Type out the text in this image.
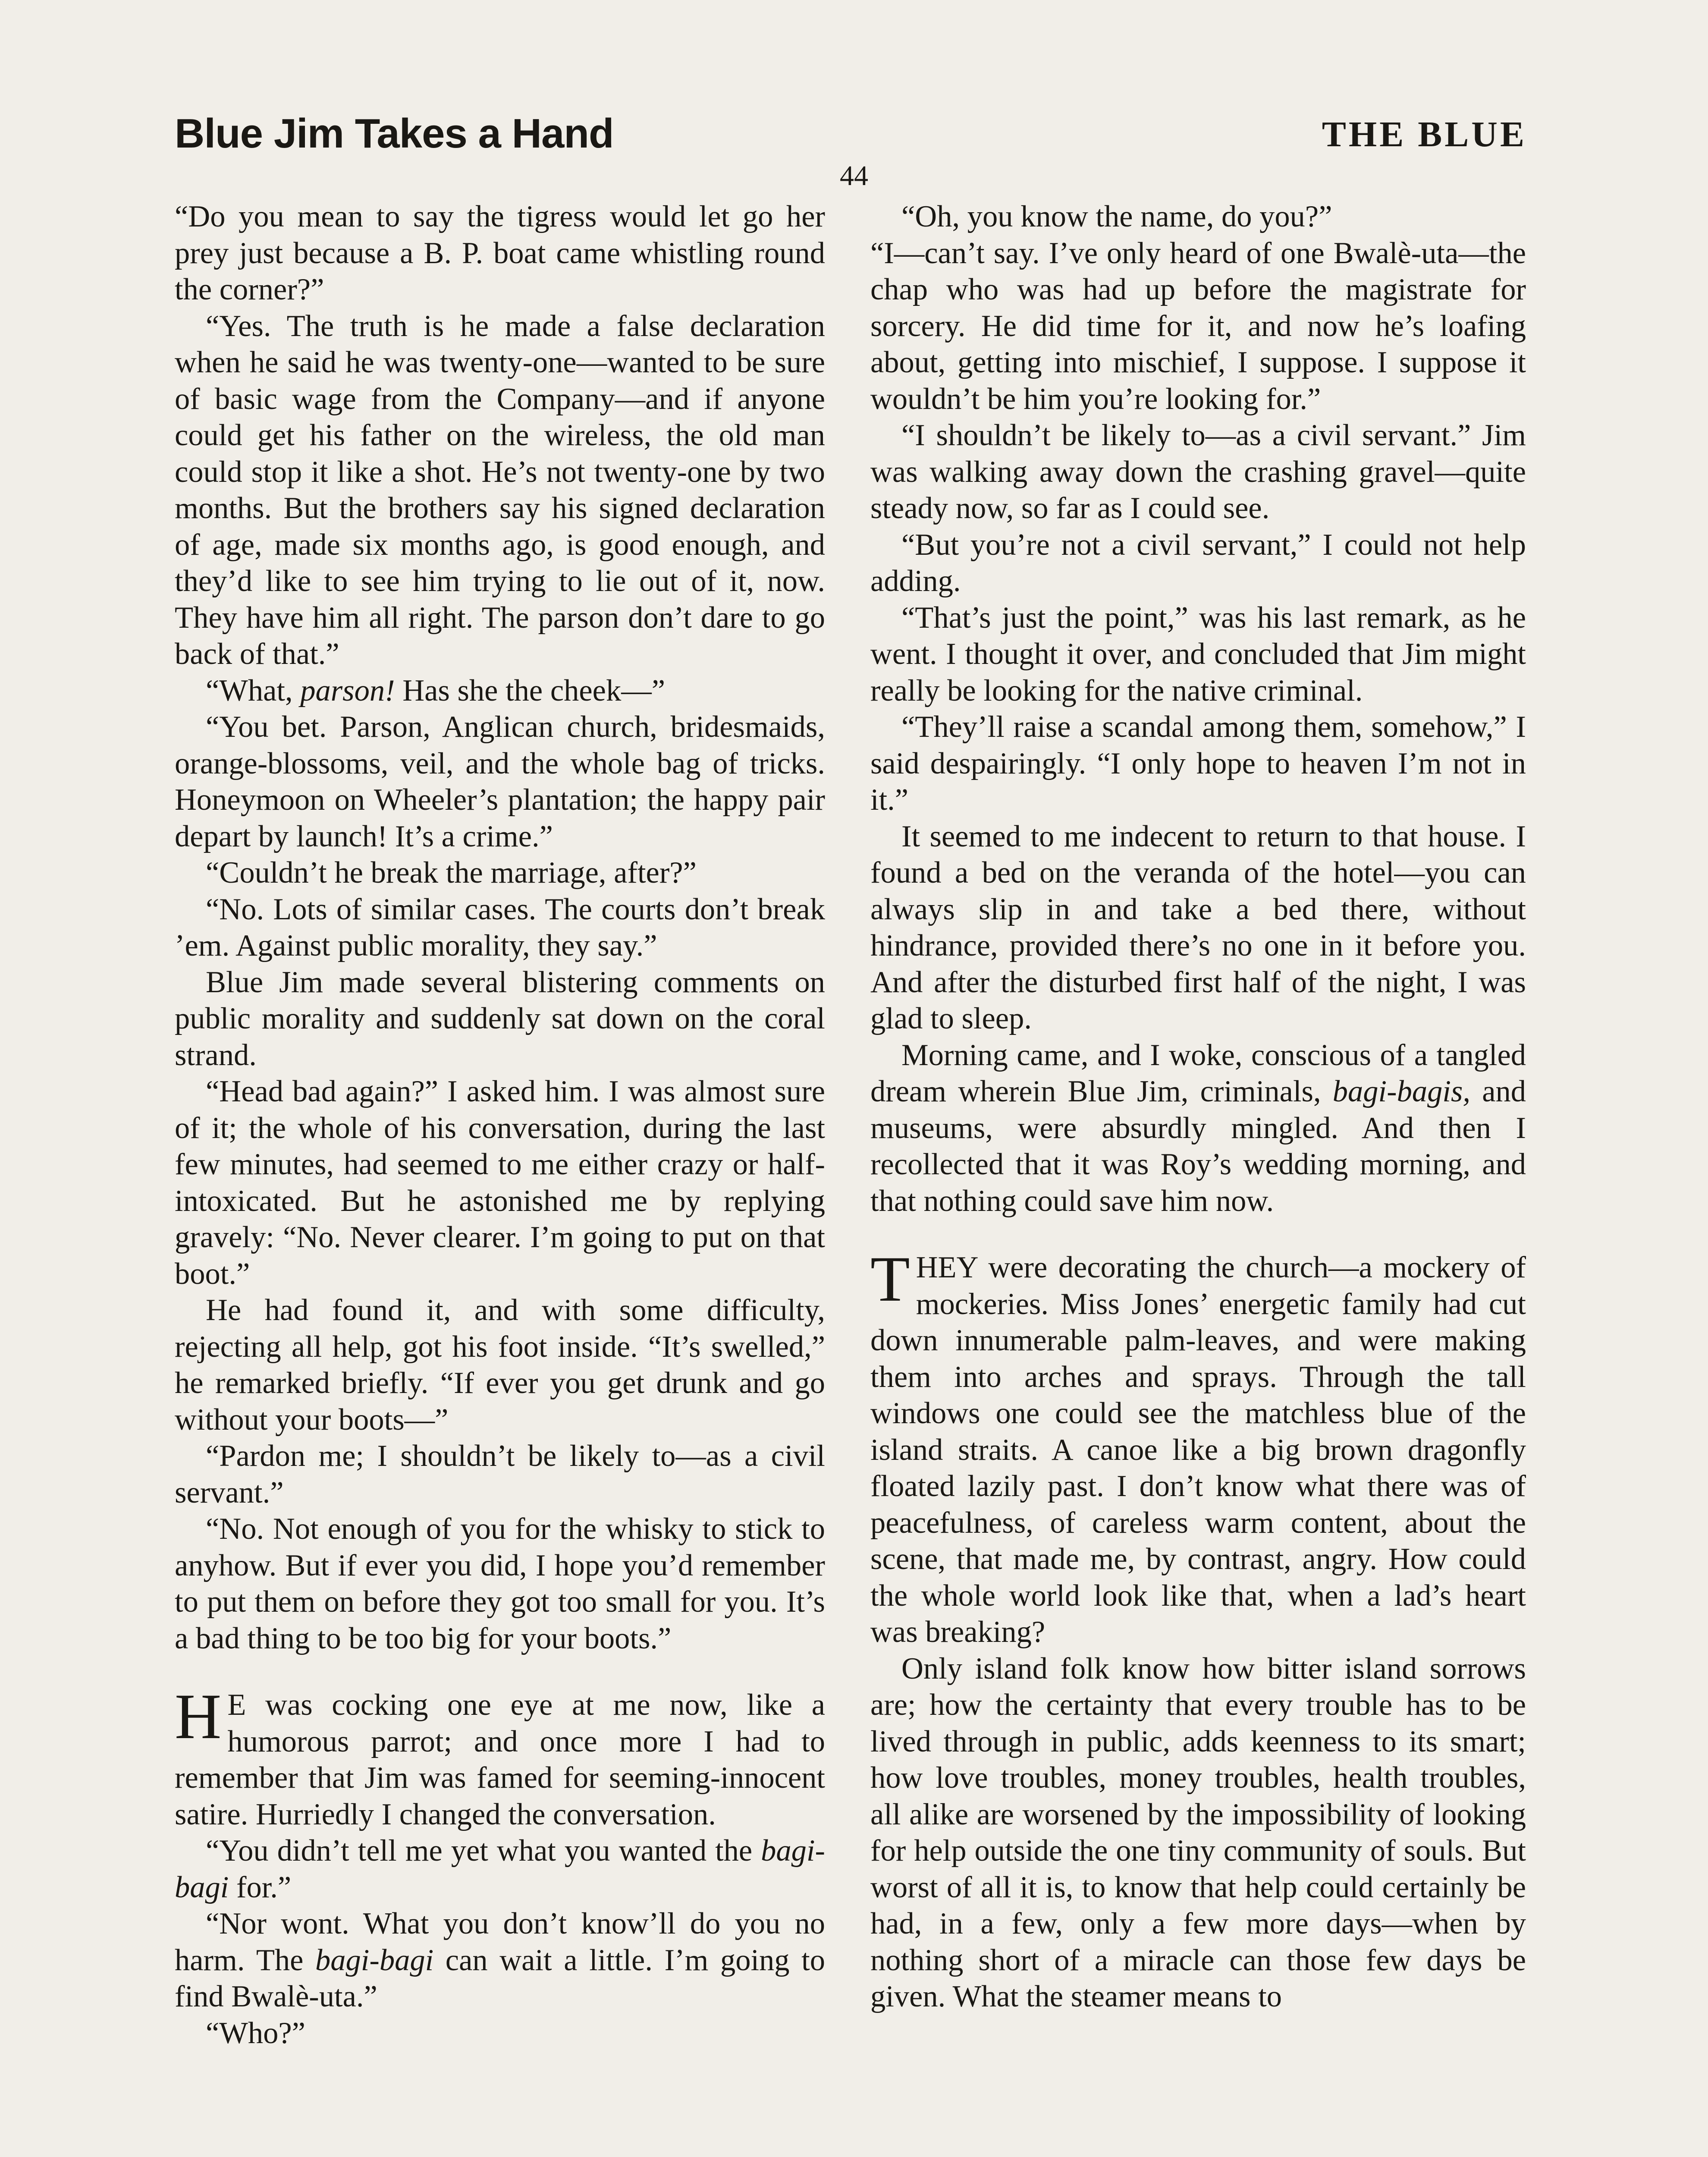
Blue Jim Takes a Hand	THE BLUE
44

“Do you mean to say the tigress would let go her prey just because a B. P. boat came whistling round the corner?”

“Yes. The truth is he made a false declaration when he said he was twenty-one—wanted to be sure of basic wage from the Company—and if anyone could get his father on the wireless, the old man could stop it like a shot. He’s not twenty-one by two months. But the brothers say his signed declaration of age, made six months ago, is good enough, and they’d like to see him trying to lie out of it, now. They have him all right. The parson don’t dare to go back of that.”

“What, parson! Has she the cheek—”

“You bet. Parson, Anglican church, bridesmaids, orange-blossoms, veil, and the whole bag of tricks. Honeymoon on Wheeler’s plantation; the happy pair depart by launch! It’s a crime.”

“Couldn’t he break the marriage, after?”

“No. Lots of similar cases. The courts don’t break ’em. Against public morality, they say.”

Blue Jim made several blistering comments on public morality and suddenly sat down on the coral strand.

“Head bad again?” I asked him. I was almost sure of it; the whole of his conversation, during the last few minutes, had seemed to me either crazy or half-intoxicated. But he astonished me by replying gravely: “No. Never clearer. I’m going to put on that boot.”

He had found it, and with some difficulty, rejecting all help, got his foot inside. “It’s swelled,” he remarked briefly. “If ever you get drunk and go without your boots—”

“Pardon me; I shouldn’t be likely to—as a civil servant.”

“No. Not enough of you for the whisky to stick to anyhow. But if ever you did, I hope you’d remember to put them on before they got too small for you. It’s a bad thing to be too big for your boots.”

H E was cocking one eye at me now, like a humorous parrot; and once more I had to remember that Jim was famed for seeming-innocent satire. Hurriedly I changed the conversation.

“You didn’t tell me yet what you wanted the bagi-bagi for.”

“Nor wont. What you don’t know’ll do you no harm. The bagi-bagi can wait a little. I’m going to find Bwalè-uta.”

“Who?”

“Oh, you know the name, do you?”

“I—can’t say. I’ve only heard of one Bwalè-uta—the chap who was had up before the magistrate for sorcery. He did time for it, and now he’s loafing about, getting into mischief, I suppose. I suppose it wouldn’t be him you’re looking for.”

“I shouldn’t be likely to—as a civil servant.” Jim was walking away down the crashing gravel—quite steady now, so far as I could see.

“But you’re not a civil servant,” I could not help adding.

“That’s just the point,” was his last remark, as he went. I thought it over, and concluded that Jim might really be looking for the native criminal.

“They’ll raise a scandal among them, somehow,” I said despairingly. “I only hope to heaven I’m not in it.”

It seemed to me indecent to return to that house. I found a bed on the veranda of the hotel—you can always slip in and take a bed there, without hindrance, provided there’s no one in it before you. And after the disturbed first half of the night, I was glad to sleep.

Morning came, and I woke, conscious of a tangled dream wherein Blue Jim, criminals, bagi-bagis, and museums, were absurdly mingled. And then I recollected that it was Roy’s wedding morning, and that nothing could save him now.

THEY were decorating the church—a mockery of mockeries. Miss Jones’ energetic family had cut down innumerable palm-leaves, and were making them into arches and sprays. Through the tall windows one could see the matchless blue of the island straits. A canoe like a big brown dragonfly floated lazily past. I don’t know what there was of peacefulness, of careless warm content, about the scene, that made me, by contrast, angry. How could the whole world look like that, when a lad’s heart was breaking?

Only island folk know how bitter island sorrows are; how the certainty that every trouble has to be lived through in public, adds keenness to its smart; how love troubles, money troubles, health troubles, all alike are worsened by the impossibility of looking for help outside the one tiny community of souls. But worst of all it is, to know that help could certainly be had, in a few, only a few more days—when by nothing short of a miracle can those few days be given. What the steamer means to
